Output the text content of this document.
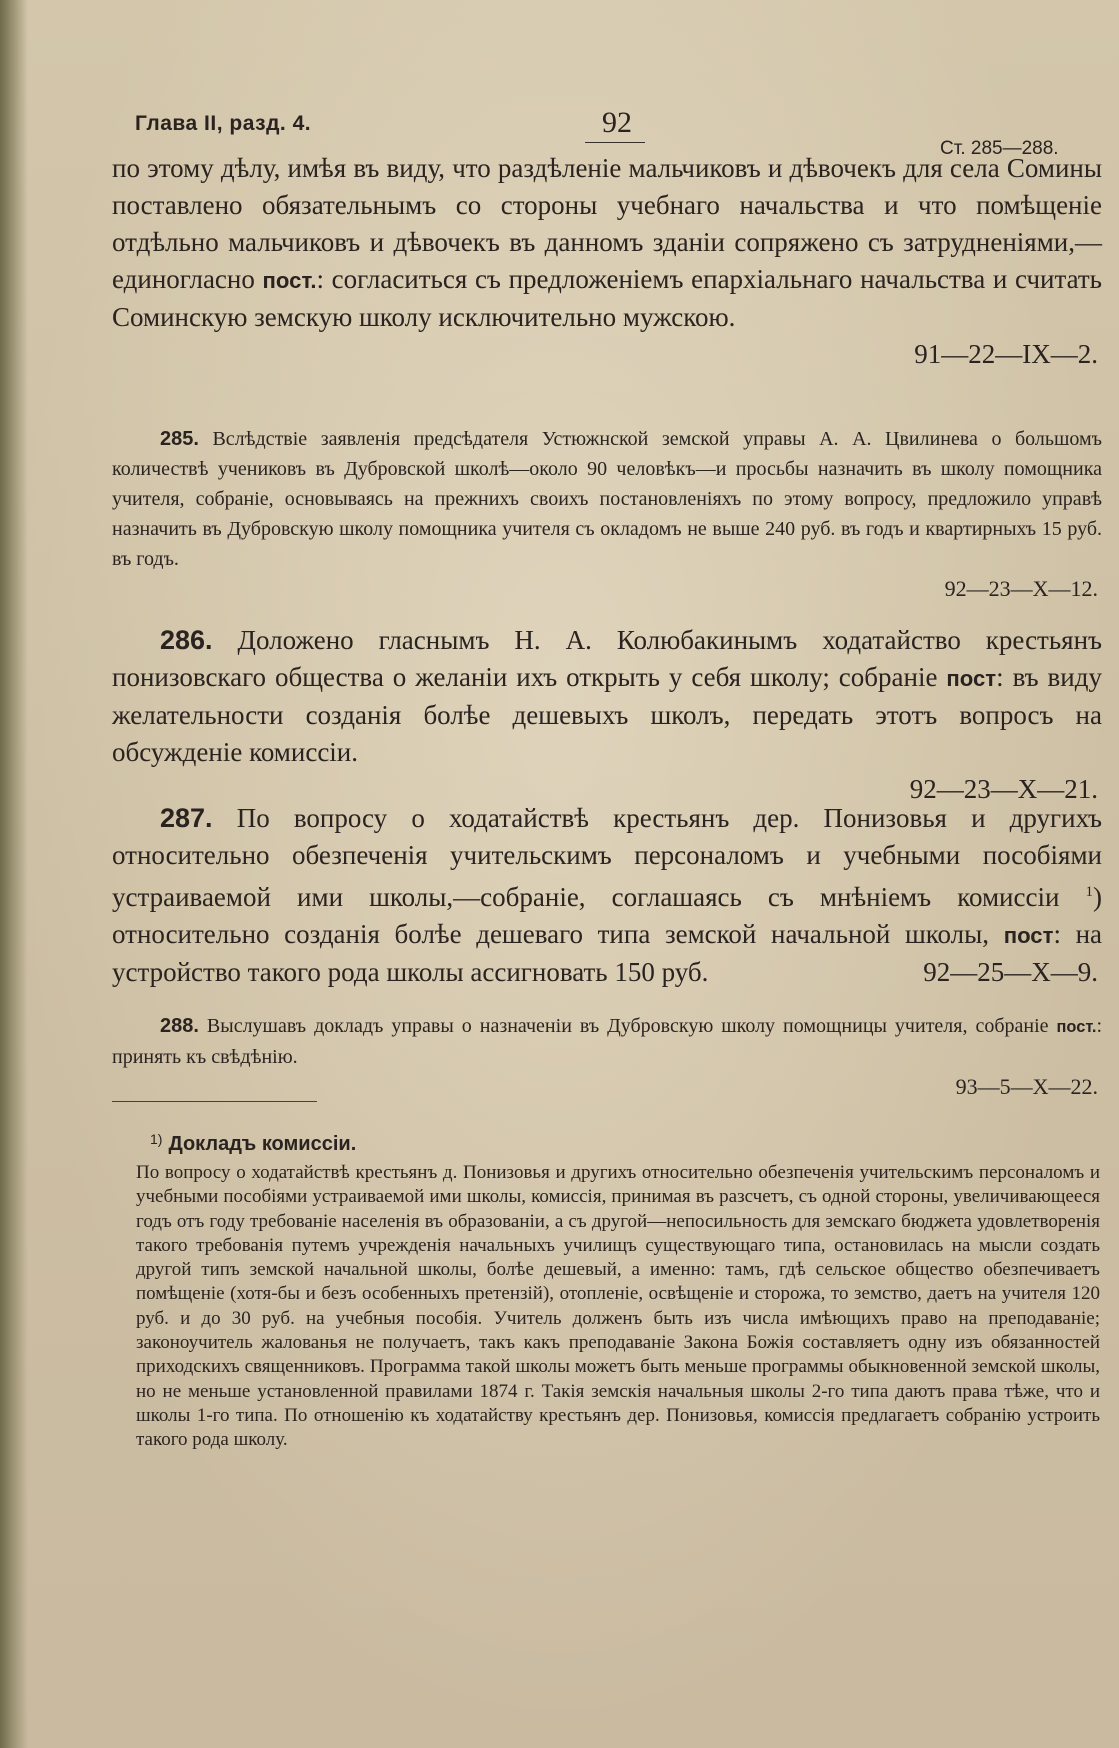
Глава II, разд. 4.	92
Ст. 285—288.
по этому дѣлу, имѣя въ виду, что раздѣленіе мальчиковъ и дѣвочекъ для села Сомины поставлено обязательнымъ со стороны учебнаго начальства и что помѣщеніе отдѣльно мальчиковъ и дѣвочекъ въ данномъ зданіи сопряжено съ затрудненіями,—единогласно пост.: согласиться съ предложеніемъ епархіальнаго начальства и считать Соминскую земскую школу исключительно мужскою.
91—22—IX—2.
285. Вслѣдствіе заявленія предсѣдателя Устюжнской земской управы А. А. Цвилинева о большомъ количествѣ учениковъ въ Дубровской школѣ—около 90 человѣкъ—и просьбы назначить въ школу помощника учителя, собраніе, основываясь на прежнихъ своихъ постановленіяхъ по этому вопросу, предложило управѣ назначить въ Дубровскую школу помощника учителя съ окладомъ не выше 240 руб. въ годъ и квартирныхъ 15 руб. въ годъ.
92—23—X—12.
286. Доложено гласнымъ Н. А. Колюбакинымъ ходатайство крестьянъ понизовскаго общества о желаніи ихъ открыть у себя школу; собраніе пост: въ виду желательности созданія болѣе дешевыхъ школъ, передать этотъ вопросъ на обсужденіе комиссіи.
92—23—X—21.
287. По вопросу о ходатайствѣ крестьянъ дер. Понизовья и другихъ относительно обезпеченія учительскимъ персоналомъ и учебными пособіями устраиваемой ими школы,—собраніе, соглашаясь съ мнѣніемъ комиссіи $^1$) относительно созданія болѣе дешеваго типа земской начальной школы, пост: на устройство такого рода школы ассигновать 150 руб.	92—25—X—9.
288. Выслушавъ докладъ управы о назначеніи въ Дубровскую школу помощницы учителя, собраніе пост.: принять къ свѣдѣнію.
93—5—X—22.
$^{1)}$ Докладъ комиссіи.
По вопросу о ходатайствѣ крестьянъ д. Понизовья и другихъ относительно обезпеченія учительскимъ персоналомъ и учебными пособіями устраиваемой ими школы, комиссія, принимая въ разсчетъ, съ одной стороны, увеличивающееся годъ отъ году требованіе населенія въ образованіи, а съ другой—непосильность для земскаго бюджета удовлетворенія такого требованія путемъ учрежденія начальныхъ училищъ существующаго типа, остановилась на мысли создать другой типъ земской начальной школы, болѣе дешевый, а именно: тамъ, гдѣ сельское общество обезпечиваетъ помѣщеніе (хотя-бы и безъ особенныхъ претензій), отопленіе, освѣщеніе и сторожа, то земство, даетъ на учителя 120 руб. и до 30 руб. на учебныя пособія. Учитель долженъ быть изъ числа имѣющихъ право на преподаваніе; законоучитель жалованья не получаетъ, такъ какъ преподаваніе Закона Божія составляетъ одну изъ обязанностей приходскихъ священниковъ. Программа такой школы можетъ быть меньше программы обыкновенной земской школы, но не меньше установленной правилами 1874 г. Такія земскія начальныя школы 2-го типа даютъ права тѣже, что и школы 1-го типа. По отношенію къ ходатайству крестьянъ дер. Понизовья, комиссія предлагаетъ собранію устроить такого рода школу.
